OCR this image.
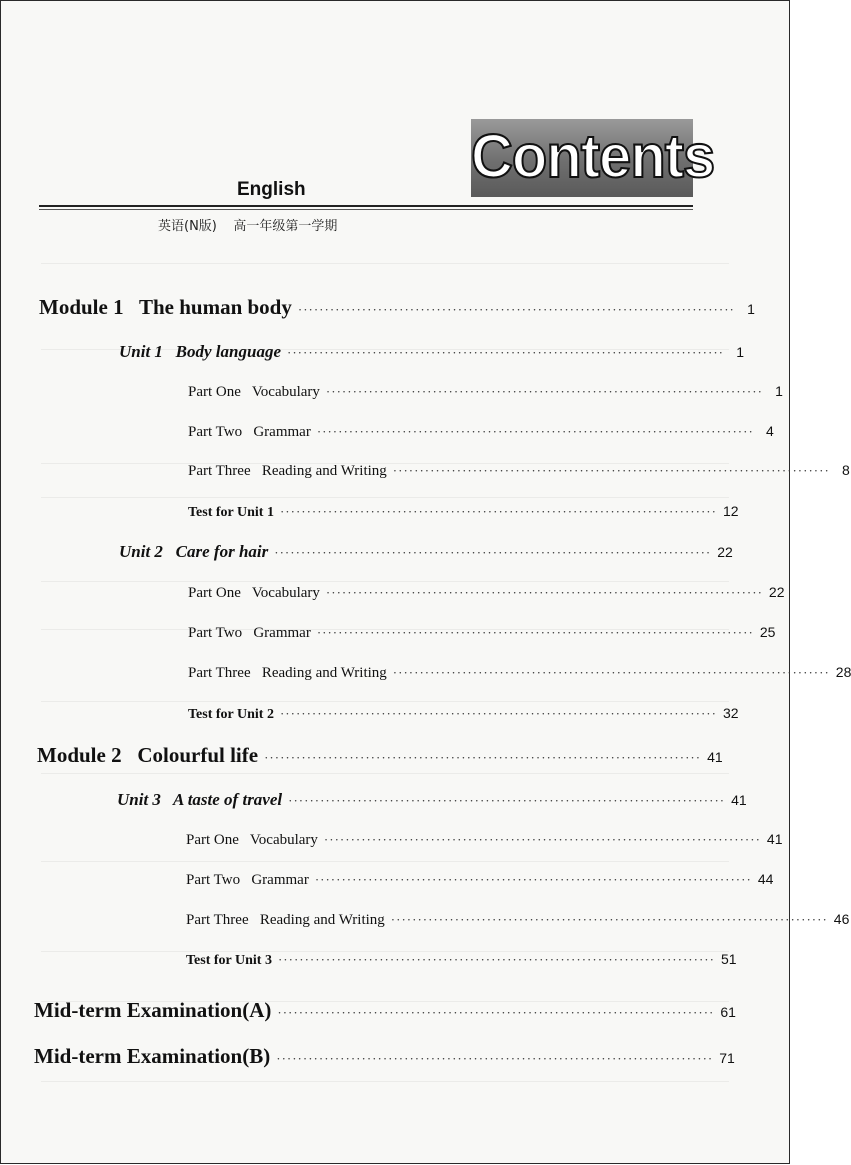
Contents
English
英语(N版)    高一年级第一学期
Module 1   The human body ·················································································· 1
Unit 1   Body language ·················································································· 1
Part One   Vocabulary ·················································································· 1
Part Two   Grammar ·················································································· 4
Part Three   Reading and Writing ·················································································· 8
Test for Unit 1 ·················································································· 12
Unit 2   Care for hair ·················································································· 22
Part One   Vocabulary ·················································································· 22
Part Two   Grammar ·················································································· 25
Part Three   Reading and Writing ·················································································· 28
Test for Unit 2 ·················································································· 32
Module 2   Colourful life ·················································································· 41
Unit 3   A taste of travel ·················································································· 41
Part One   Vocabulary ·················································································· 41
Part Two   Grammar ·················································································· 44
Part Three   Reading and Writing ·················································································· 46
Test for Unit 3 ·················································································· 51
Mid-term Examination(A) ·················································································· 61
Mid-term Examination(B) ·················································································· 71
